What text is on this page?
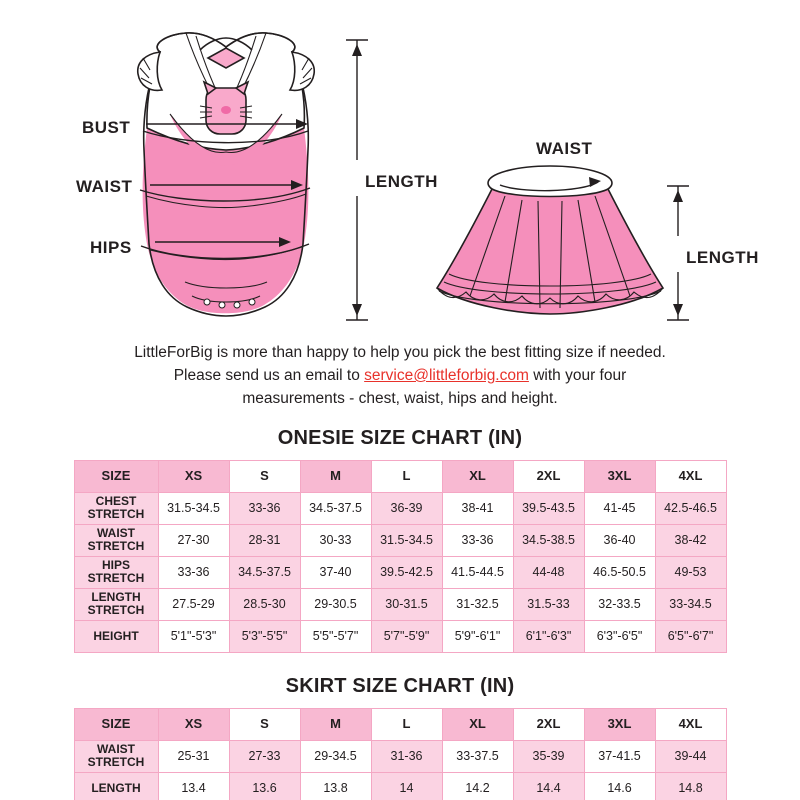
BUST
WAIST
HIPS
LENGTH
WAIST
LENGTH
LittleForBig is more than happy to help you pick the best fitting size if needed.
Please send us an email to service@littleforbig.com with your four
measurements - chest, waist, hips and height.
ONESIE SIZE CHART (IN)
SIZE	XS	S	M	L	XL	2XL	3XL	4XL
CHEST STRETCH	31.5-34.5	33-36	34.5-37.5	36-39	38-41	39.5-43.5	41-45	42.5-46.5
WAIST STRETCH	27-30	28-31	30-33	31.5-34.5	33-36	34.5-38.5	36-40	38-42
HIPS STRETCH	33-36	34.5-37.5	37-40	39.5-42.5	41.5-44.5	44-48	46.5-50.5	49-53
LENGTH STRETCH	27.5-29	28.5-30	29-30.5	30-31.5	31-32.5	31.5-33	32-33.5	33-34.5
HEIGHT	5'1"-5'3"	5'3"-5'5"	5'5"-5'7"	5'7"-5'9"	5'9"-6'1"	6'1"-6'3"	6'3"-6'5"	6'5"-6'7"
SKIRT SIZE CHART (IN)
SIZE	XS	S	M	L	XL	2XL	3XL	4XL
WAIST STRETCH	25-31	27-33	29-34.5	31-36	33-37.5	35-39	37-41.5	39-44
LENGTH	13.4	13.6	13.8	14	14.2	14.4	14.6	14.8
